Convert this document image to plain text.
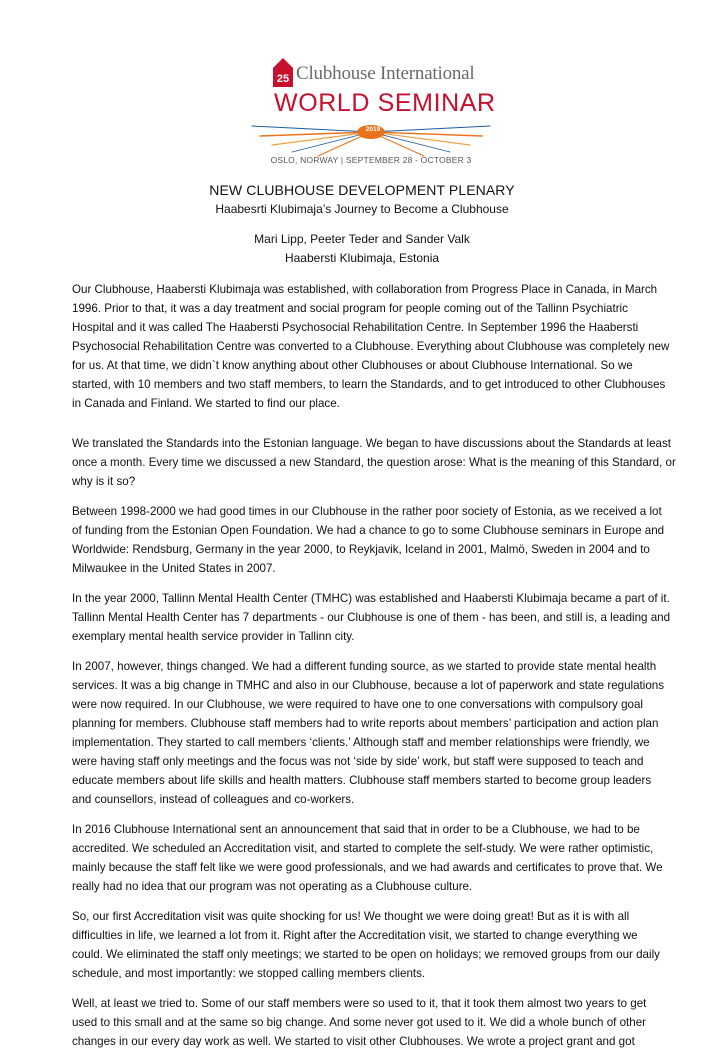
25 Clubhouse International
WORLD SEMINAR
2019
OSLO, NORWAY | SEPTEMBER 28 - OCTOBER 3
NEW CLUBHOUSE DEVELOPMENT PLENARY
Haabesrti Klubimaja’s Journey to Become a Clubhouse
Mari Lipp, Peeter Teder and Sander Valk
Haabersti Klubimaja, Estonia

Our Clubhouse, Haabersti Klubimaja was established, with collaboration from Progress Place in Canada, in March
1996. Prior to that, it was a day treatment and social program for people coming out of the Tallinn Psychiatric
Hospital and it was called The Haabersti Psychosocial Rehabilitation Centre. In September 1996 the Haabersti
Psychosocial Rehabilitation Centre was converted to a Clubhouse. Everything about Clubhouse was completely new
for us. At that time, we didn`t know anything about other Clubhouses or about Clubhouse International. So we
started, with 10 members and two staff members, to learn the Standards, and to get introduced to other Clubhouses
in Canada and Finland. We started to find our place.

We translated the Standards into the Estonian language. We began to have discussions about the Standards at least
once a month. Every time we discussed a new Standard, the question arose: What is the meaning of this Standard, or
why is it so?

Between 1998-2000 we had good times in our Clubhouse in the rather poor society of Estonia, as we received a lot
of funding from the Estonian Open Foundation. We had a chance to go to some Clubhouse seminars in Europe and
Worldwide: Rendsburg, Germany in the year 2000, to Reykjavik, Iceland in 2001, Malmö, Sweden in 2004 and to
Milwaukee in the United States in 2007.

In the year 2000, Tallinn Mental Health Center (TMHC) was established and Haabersti Klubimaja became a part of it.
Tallinn Mental Health Center has 7 departments - our Clubhouse is one of them - has been, and still is, a leading and
exemplary mental health service provider in Tallinn city.

In 2007, however, things changed. We had a different funding source, as we started to provide state mental health
services. It was a big change in TMHC and also in our Clubhouse, because a lot of paperwork and state regulations
were now required. In our Clubhouse, we were required to have one to one conversations with compulsory goal
planning for members. Clubhouse staff members had to write reports about members’ participation and action plan
implementation. They started to call members ‘clients.’ Although staff and member relationships were friendly, we
were having staff only meetings and the focus was not ‘side by side’ work, but staff were supposed to teach and
educate members about life skills and health matters. Clubhouse staff members started to become group leaders
and counsellors, instead of colleagues and co-workers.

In 2016 Clubhouse International sent an announcement that said that in order to be a Clubhouse, we had to be
accredited. We scheduled an Accreditation visit, and started to complete the self-study. We were rather optimistic,
mainly because the staff felt like we were good professionals, and we had awards and certificates to prove that. We
really had no idea that our program was not operating as a Clubhouse culture.

So, our first Accreditation visit was quite shocking for us! We thought we were doing great! But as it is with all
difficulties in life, we learned a lot from it. Right after the Accreditation visit, we started to change everything we
could. We eliminated the staff only meetings; we started to be open on holidays; we removed groups from our daily
schedule, and most importantly: we stopped calling members clients.

Well, at least we tried to. Some of our staff members were so used to it, that it took them almost two years to get
used to this small and at the same so big change. And some never got used to it. We did a whole bunch of other
changes in our every day work as well. We started to visit other Clubhouses. We wrote a project grant and got
